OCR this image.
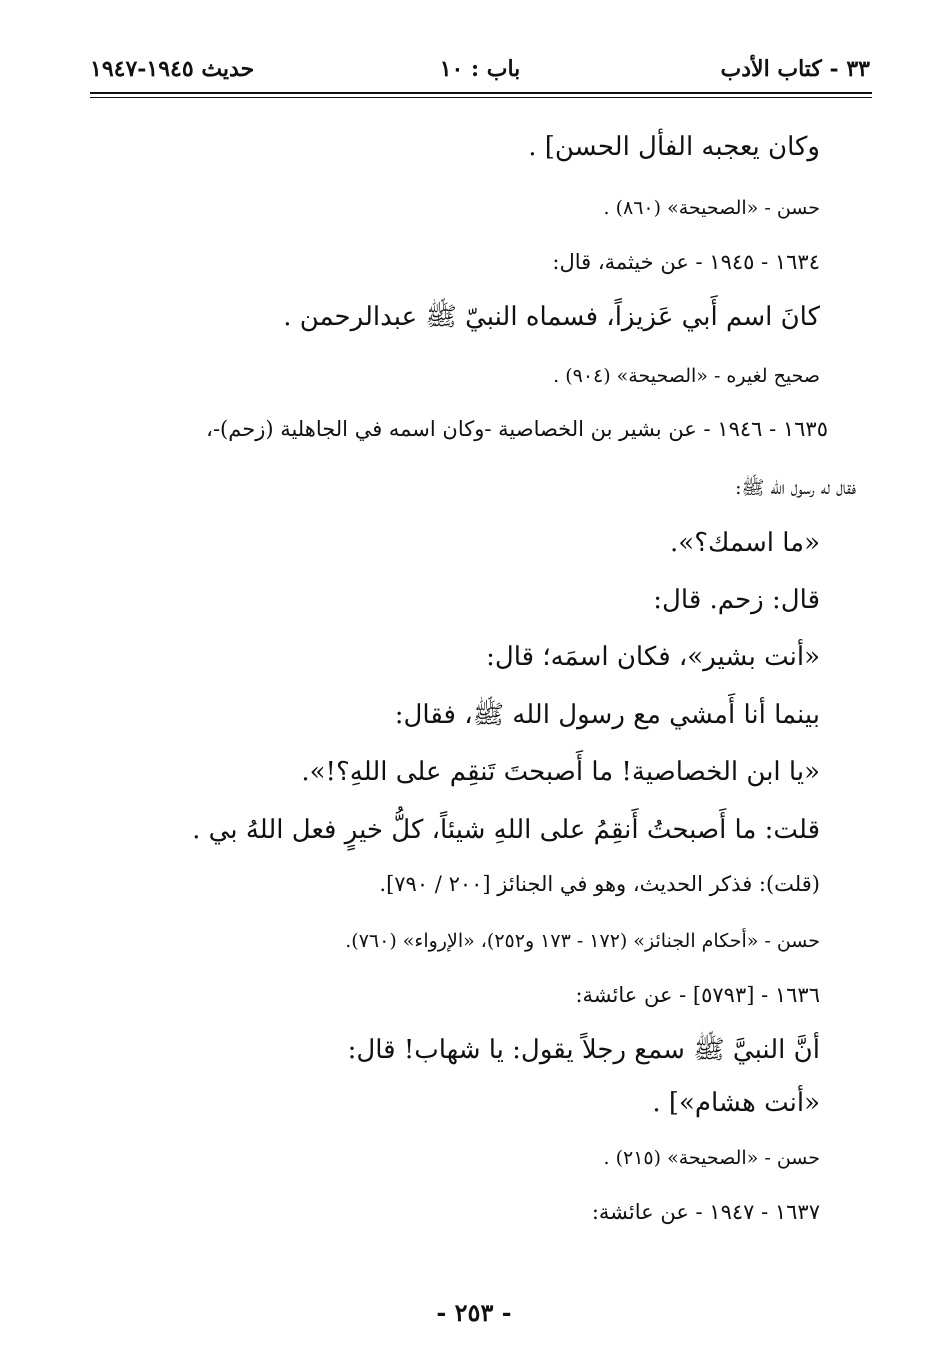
٣٣ - كتاب الأدب
باب : ١٠
حديث ١٩٤٥-١٩٤٧
وكان يعجبه الفأل الحسن] .
حسن - «الصحيحة» (٨٦٠) .
١٦٣٤ - ١٩٤٥ - عن خيثمة، قال:
كانَ اسم أَبي عَزيزاً، فسماه النبيّ ﷺ عبدالرحمن .
صحيح لغيره - «الصحيحة» (٩٠٤) .
١٦٣٥ - ١٩٤٦ - عن بشير بن الخصاصية -وكان اسمه في الجاهلية (زحم)-،
فقال له رسول الله ﷺ:
«ما اسمك؟».
قال: زحم. قال:
«أنت بشير»، فكان اسمَه؛ قال:
بينما أنا أَمشي مع رسول الله ﷺ، فقال:
«يا ابن الخصاصية! ما أَصبحتَ تَنقِم على اللهِ؟!».
قلت: ما أَصبحتُ أَنقِمُ على اللهِ شيئاً، كلُّ خيرٍ فعل اللهُ بي .
(قلت): فذكر الحديث، وهو في الجنائز [٢٠٠ / ٧٩٠].
حسن - «أحكام الجنائز» (١٧٢ - ١٧٣ و٢٥٢)، «الإرواء» (٧٦٠).
١٦٣٦ - [٥٧٩٣] - عن عائشة:
أنَّ النبيَّ ﷺ سمع رجلاً يقول: يا شهاب! قال:
«أنت هشام»] .
حسن - «الصحيحة» (٢١٥) .
١٦٣٧ - ١٩٤٧ - عن عائشة:
- ٢٥٣ -
